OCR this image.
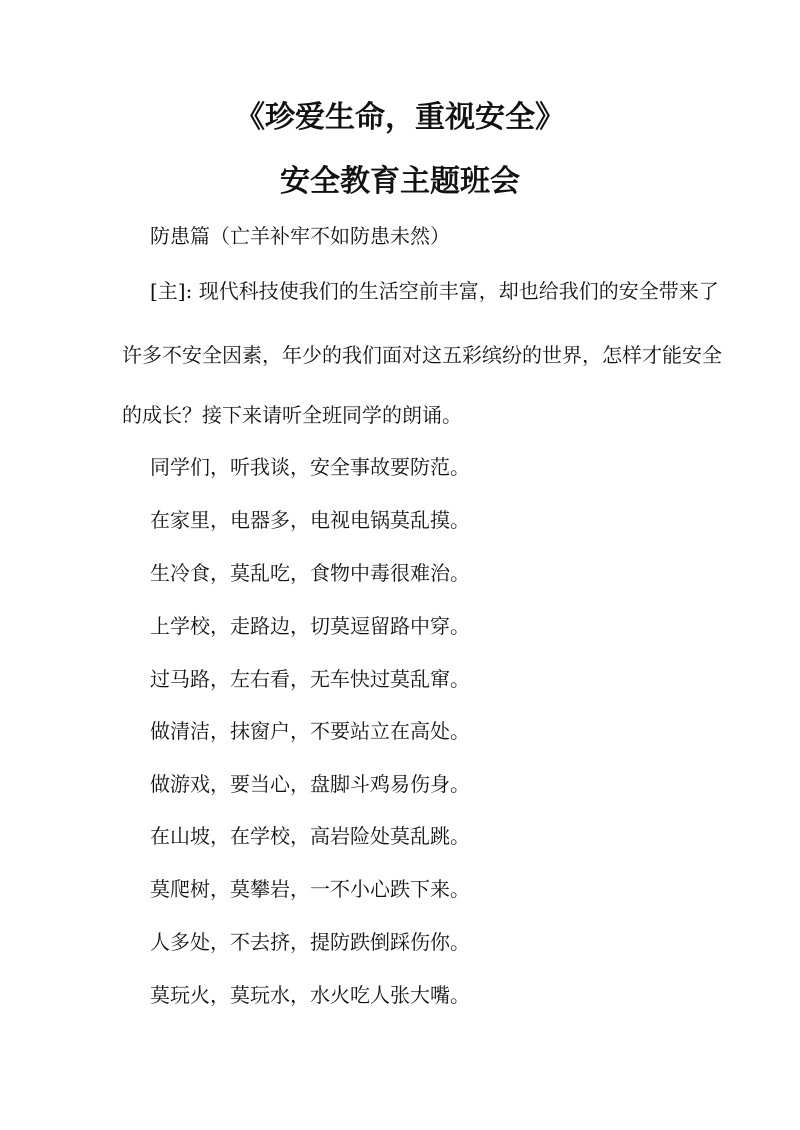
《珍爱生命，重视安全》
安全教育主题班会
防患篇（亡羊补牢不如防患未然）
[主]: 现代科技使我们的生活空前丰富，却也给我们的安全带来了
许多不安全因素，年少的我们面对这五彩缤纷的世界，怎样才能安全
的成长？接下来请听全班同学的朗诵。
同学们，听我谈，安全事故要防范。
在家里，电器多，电视电锅莫乱摸。
生冷食，莫乱吃，食物中毒很难治。
上学校，走路边，切莫逗留路中穿。
过马路，左右看，无车快过莫乱窜。
做清洁，抹窗户，不要站立在高处。
做游戏，要当心，盘脚斗鸡易伤身。
在山坡，在学校，高岩险处莫乱跳。
莫爬树，莫攀岩，一不小心跌下来。
人多处，不去挤，提防跌倒踩伤你。
莫玩火，莫玩水，水火吃人张大嘴。
